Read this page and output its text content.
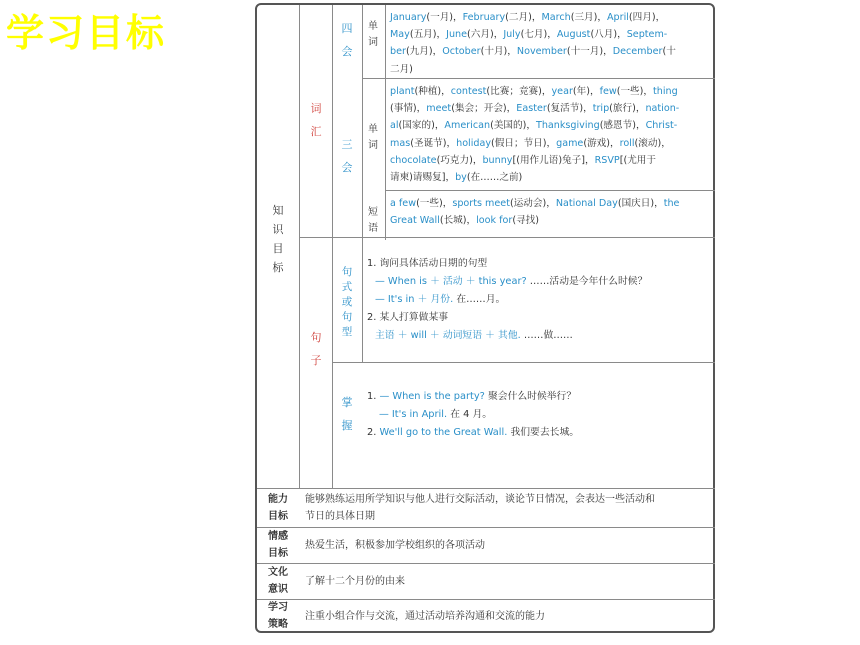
学习目标
知
识
目
标
词
汇
句
子
四
会
三
会
单
词
单
词
短
语
句
式
或
句
型
掌
握
January(一月)，February(二月)，March(三月)，April(四月)，
May(五月)，June(六月)，July(七月)，August(八月)，Septem-
ber(九月)，October(十月)，November(十一月)，December(十
二月)
plant(种植)，contest(比赛；竞赛)，year(年)，few(一些)，thing
(事情)，meet(集会；开会)，Easter(复活节)，trip(旅行)，nation-
al(国家的)，American(美国的)，Thanksgiving(感恩节)，Christ-
mas(圣诞节)，holiday(假日；节日)，game(游戏)，roll(滚动)，
chocolate(巧克力)，bunny[(用作儿语)兔子]，RSVP[(尤用于
请柬)请赐复]，by(在……之前)
a few(一些)，sports meet(运动会)，National Day(国庆日)，the
Great Wall(长城)，look for(寻找)
1. 询问具体活动日期的句型
— When is ＋ 活动 ＋ this year? ……活动是今年什么时候？
— It's in ＋ 月份. 在……月。
2. 某人打算做某事
主语 ＋ will ＋ 动词短语 ＋ 其他. ……做……
1. — When is the party? 聚会什么时候举行？
— It's in April. 在 4 月。
2. We'll go to the Great Wall. 我们要去长城。
能力
目标
能够熟练运用所学知识与他人进行交际活动，谈论节日情况，会表达一些活动和
节日的具体日期
情感
目标
热爱生活，积极参加学校组织的各项活动
文化
意识
了解十二个月份的由来
学习
策略
注重小组合作与交流，通过活动培养沟通和交流的能力
